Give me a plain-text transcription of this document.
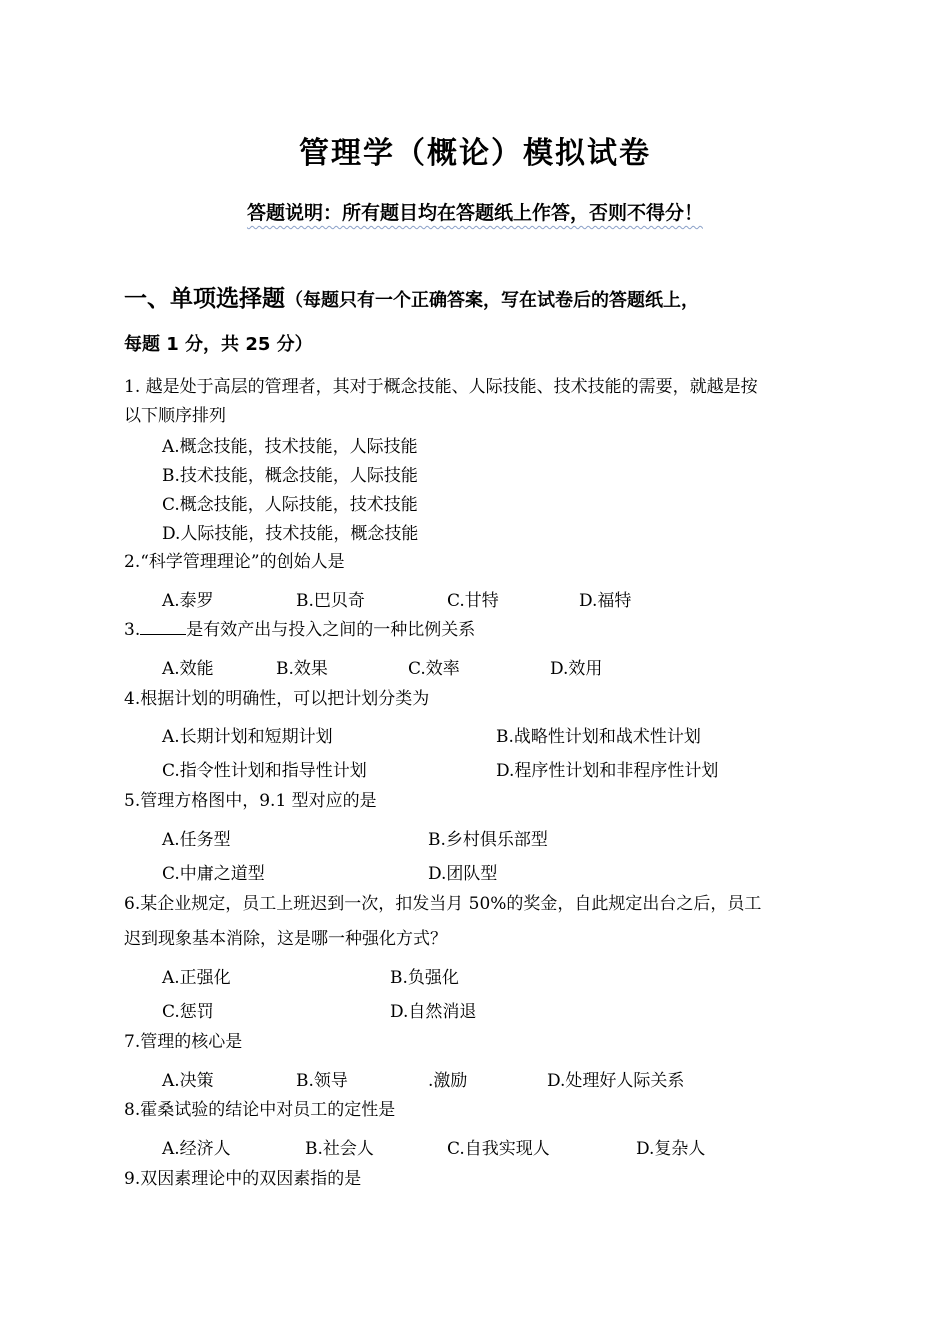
管理学（概论）模拟试卷
答题说明：所有题目均在答题纸上作答，否则不得分！
一、单项选择题（每题只有一个正确答案，写在试卷后的答题纸上，
每题 1 分，共 25 分）
1. 越是处于高层的管理者，其对于概念技能、人际技能、技术技能的需要，就越是按
以下顺序排列
A.概念技能，技术技能，人际技能
B.技术技能，概念技能，人际技能
C.概念技能，人际技能，技术技能
D.人际技能，技术技能，概念技能
2.“科学管理理论”的创始人是
A.泰罗	B.巴贝奇	C.甘特	D.福特
3.	是有效产出与投入之间的一种比例关系
A.效能	B.效果	C.效率	D.效用
4.根据计划的明确性，可以把计划分类为
A.长期计划和短期计划	B.战略性计划和战术性计划
C.指令性计划和指导性计划	D.程序性计划和非程序性计划
5.管理方格图中，9.1 型对应的是
A.任务型	B.乡村俱乐部型
C.中庸之道型	D.团队型
6.某企业规定，员工上班迟到一次，扣发当月 50%的奖金，自此规定出台之后，员工
迟到现象基本消除，这是哪一种强化方式？
A.正强化	B.负强化
C.惩罚	D.自然消退
7.管理的核心是
A.决策	B.领导	.激励	D.处理好人际关系
8.霍桑试验的结论中对员工的定性是
A.经济人	B.社会人	C.自我实现人	D.复杂人
9.双因素理论中的双因素指的是
